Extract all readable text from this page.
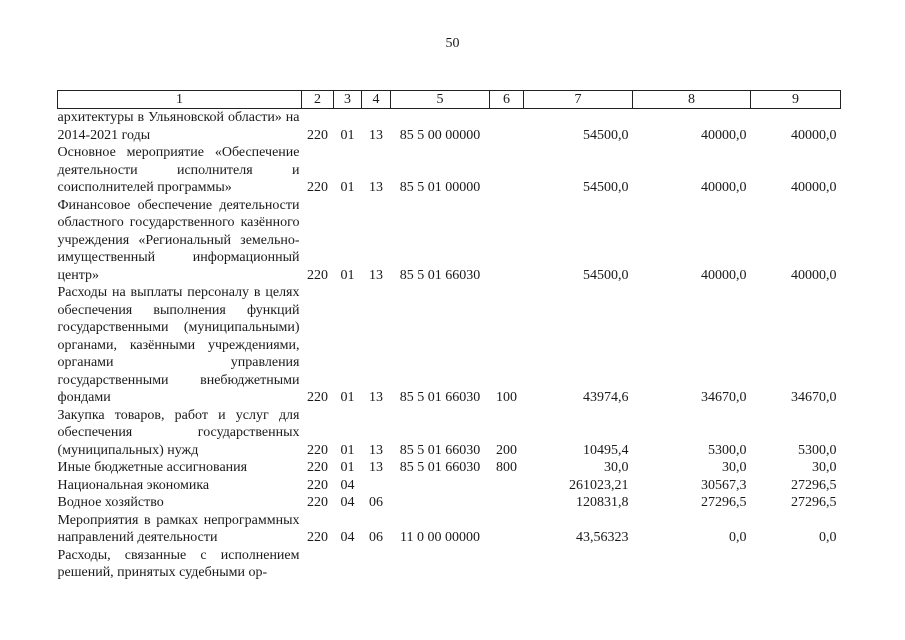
50
1	2	3	4	5	6	7	8	9
архитектуры в Ульяновской области» на 2014-2021 годы	220	01	13	85 5 00 00000		54500,0	40000,0	40000,0
Основное мероприятие «Обеспечение деятельности исполнителя и соисполнителей программы»	220	01	13	85 5 01 00000		54500,0	40000,0	40000,0
Финансовое обеспечение деятельности областного государственного казённого учреждения «Региональный земельно-имущественный информационный центр»	220	01	13	85 5 01 66030		54500,0	40000,0	40000,0
Расходы на выплаты персоналу в целях обеспечения выполнения функций государственными (муниципальными) органами, казёнными учреждениями, органами управления государственными внебюджетными фондами	220	01	13	85 5 01 66030	100	43974,6	34670,0	34670,0
Закупка товаров, работ и услуг для обеспечения государственных (муниципальных) нужд	220	01	13	85 5 01 66030	200	10495,4	5300,0	5300,0
Иные бюджетные ассигнования	220	01	13	85 5 01 66030	800	30,0	30,0	30,0
Национальная экономика	220	04				261023,21	30567,3	27296,5
Водное хозяйство	220	04	06			120831,8	27296,5	27296,5
Мероприятия в рамках непрограммных направлений деятельности	220	04	06	11 0 00 00000		43,56323	0,0	0,0
Расходы, связанные с исполнением решений, принятых судебными ор-								
